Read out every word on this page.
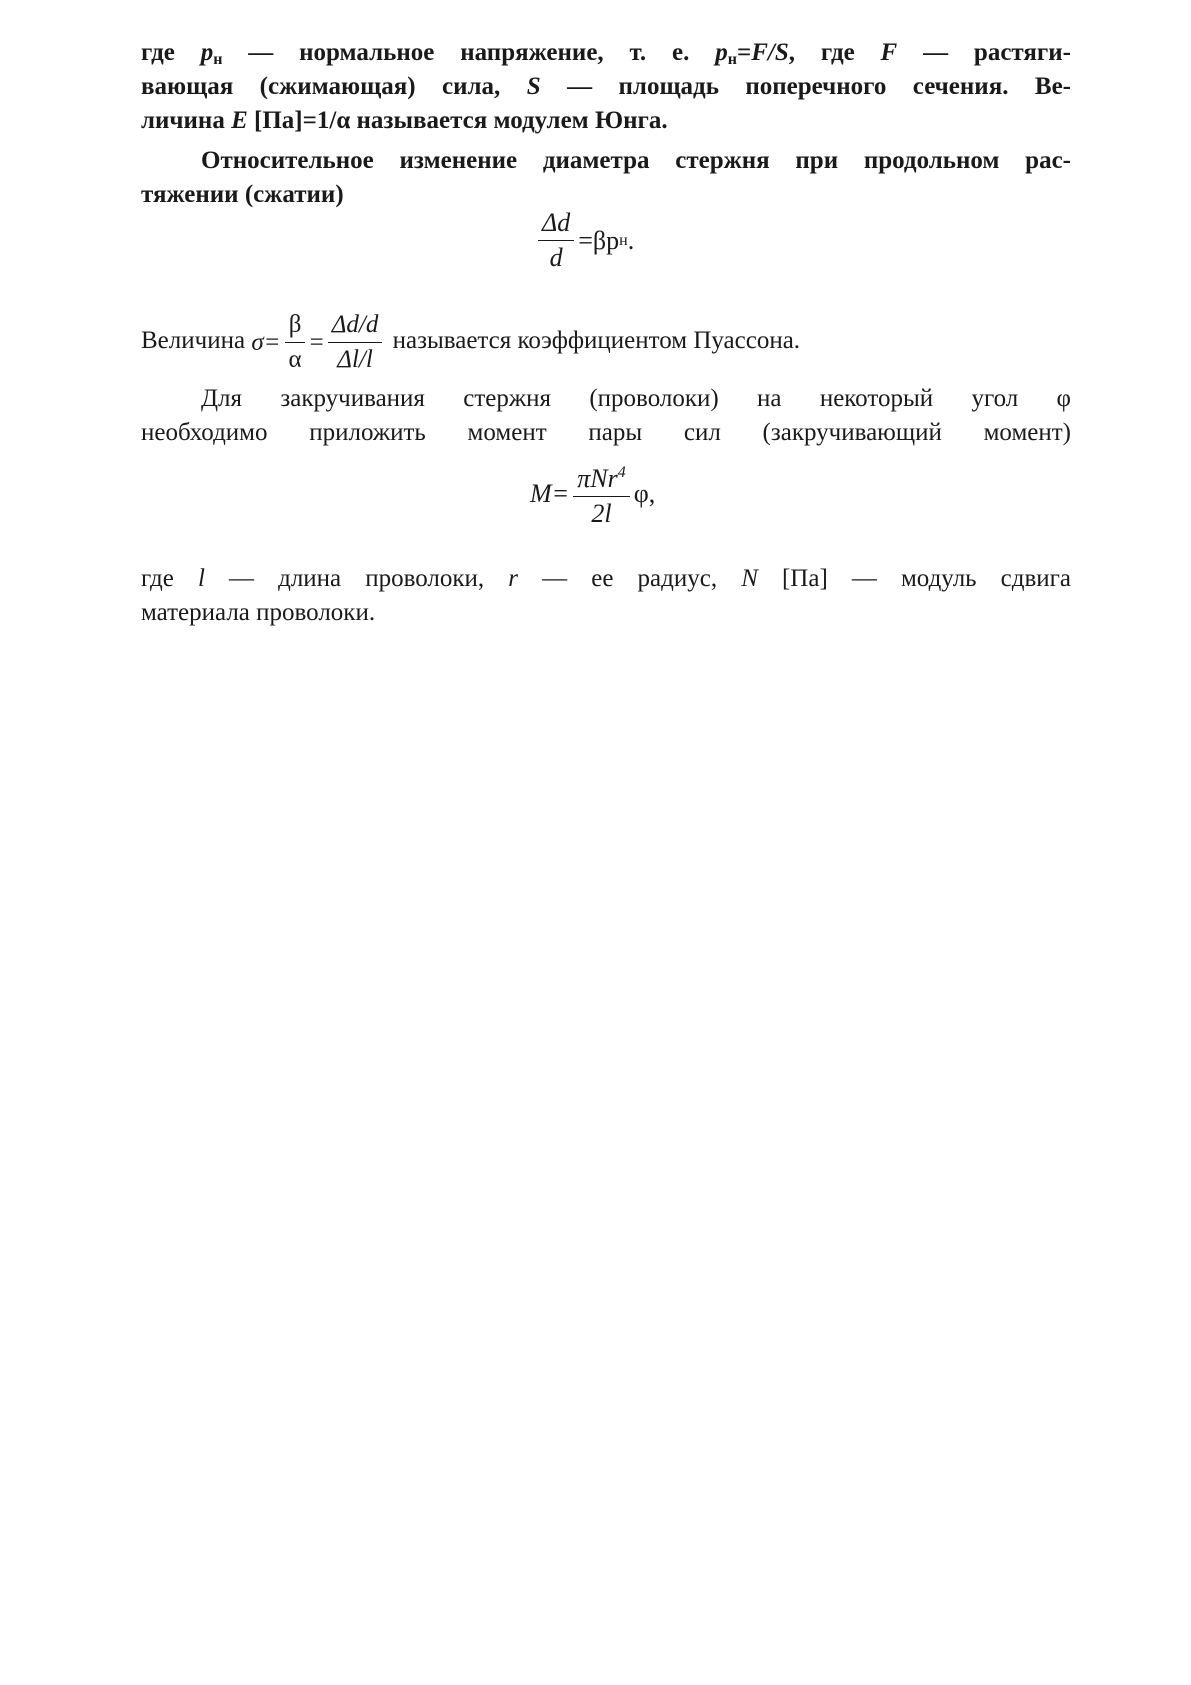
где $p_н$ — нормальное напряжение, т. е. $p_н=F/S$, где F — растяги-
вающая (сжимающая) сила, S — площадь поперечного сечения. Ве-
личина E [Па]=1/α называется модулем Юнга.
Относительное изменение диаметра стержня при продольном рас-
тяжении (сжатии)
$\frac{\Delta d}{d} =\beta p$ н .
Величина $\sigma= \frac{\beta}{\alpha} = \frac{\Delta d/d}{\Delta l/l}$ называется коэффициентом Пуассона.
Для закручивания стержня (проволоки) на некоторый угол φ
необходимо приложить момент пары сил (закручивающий момент)
$M= \frac{\pi Nr^4}{2l} \varphi$,
где l — длина проволоки, r — ее радиус, N [Па] — модуль сдвига
материала проволоки.
